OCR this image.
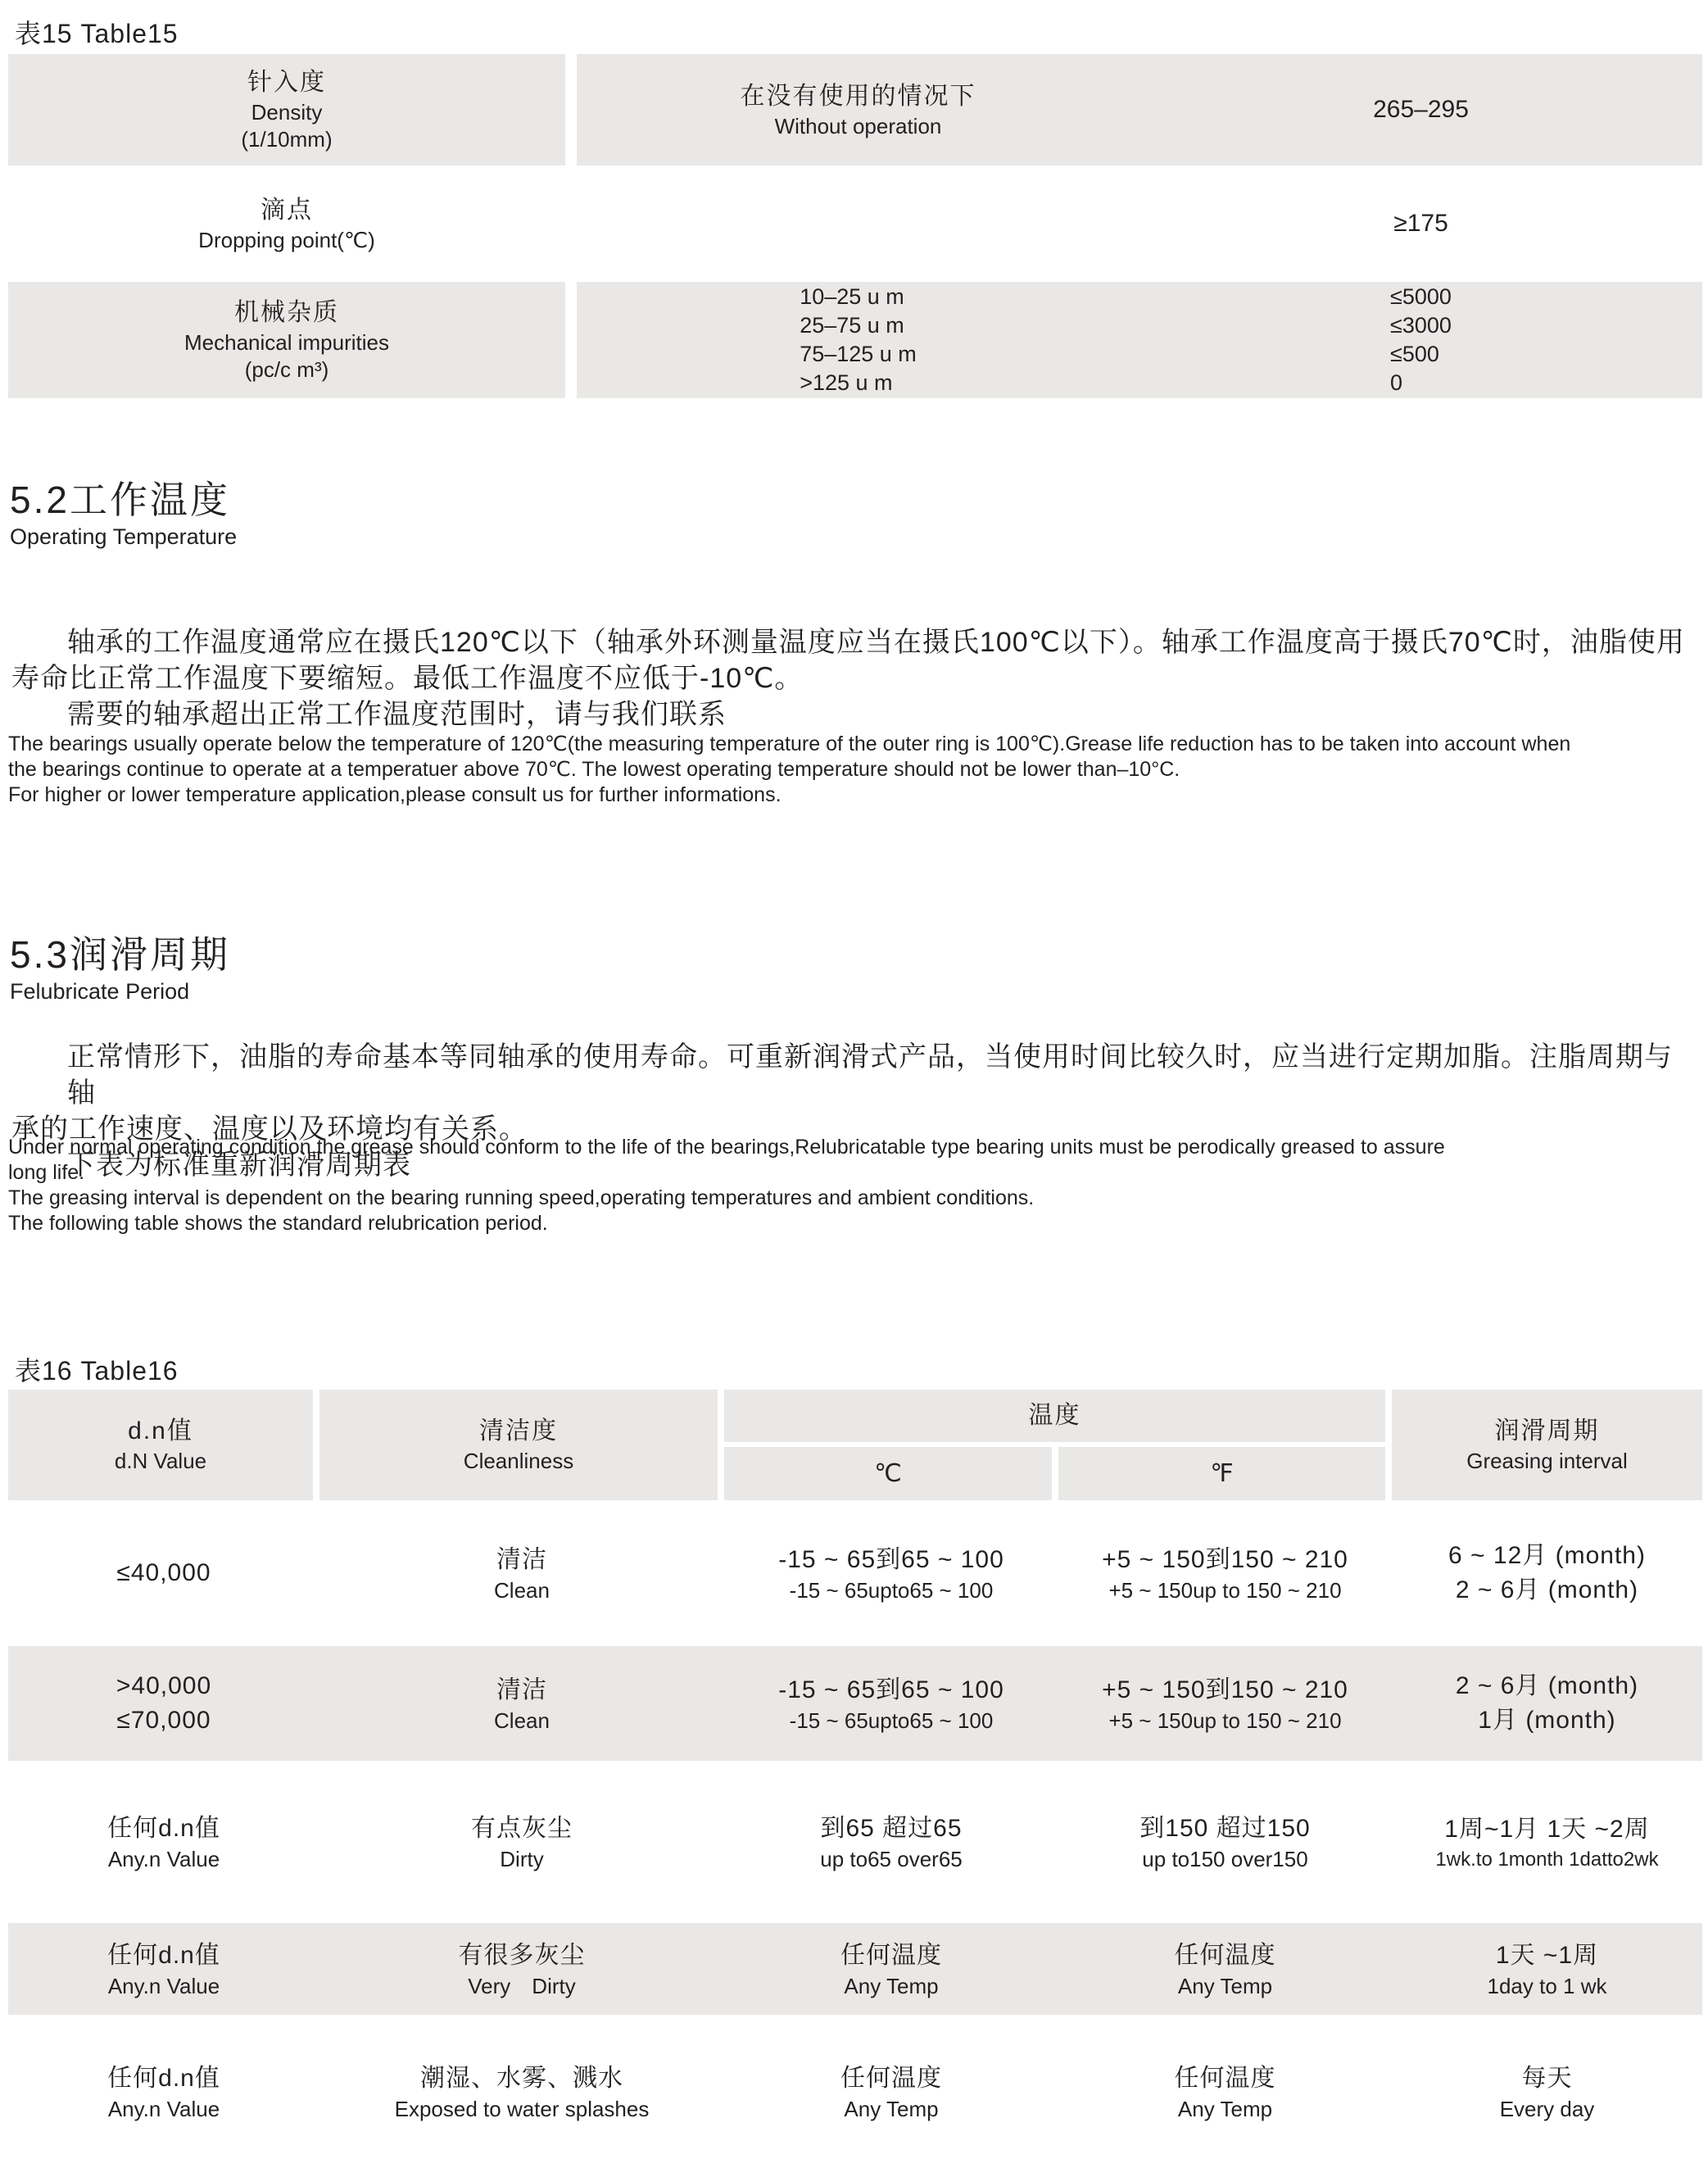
表15 Table15
针入度
Density
(1/10mm)
在没有使用的情况下
Without operation
265–295
滴点
Dropping point(℃)
≥175
机械杂质
Mechanical impurities
(pc/c m³)
10–25 u m
25–75 u m
75–125 u m
>125 u m
≤5000
≤3000
≤500
0
5.2工作温度
Operating Temperature
轴承的工作温度通常应在摄氏120℃以下（轴承外环测量温度应当在摄氏100℃以下）。轴承工作温度高于摄氏70℃时，油脂使用
寿命比正常工作温度下要缩短。最低工作温度不应低于-10℃。
需要的轴承超出正常工作温度范围时，请与我们联系
The bearings usually operate below the temperature of 120℃(the measuring temperature of the outer ring is 100℃).Grease life reduction has to be taken into account when
the bearings continue to operate at a temperatuer above 70℃. The lowest operating temperature should not be lower than–10°C.
For higher or lower temperature application,please consult us for further informations.
5.3润滑周期
Felubricate Period
正常情形下，油脂的寿命基本等同轴承的使用寿命。可重新润滑式产品，当使用时间比较久时，应当进行定期加脂。注脂周期与轴
承的工作速度、温度以及环境均有关系。
下表为标准重新润滑周期表
Under normal operating condition,the grease should conform to the life of the bearings,Relubricatable type bearing units must be perodically greased to assure
long life.
The greasing interval is dependent on the bearing running speed,operating temperatures and ambient conditions.
The following table shows the standard relubrication period.
表16 Table16
d.n值
d.N Value
清洁度
Cleanliness
温度
℃	℉
润滑周期
Greasing interval
≤40,000	清洁
Clean
-15 ~ 65到65 ~ 100
-15 ~ 65upto65 ~ 100
+5 ~ 150到150 ~ 210
+5 ~ 150up to 150 ~ 210
6 ~ 12月 (month)
2 ~ 6月 (month)
>40,000
≤70,000
清洁
Clean
-15 ~ 65到65 ~ 100
-15 ~ 65upto65 ~ 100
+5 ~ 150到150 ~ 210
+5 ~ 150up to 150 ~ 210
2 ~ 6月 (month)
1月 (month)
任何d.n值
Any.n Value
有点灰尘
Dirty
到65 超过65
up to65 over65
到150 超过150
up to150 over150
1周~1月 1天 ~2周
1wk.to 1month 1datto2wk
任何d.n值
Any.n Value
有很多灰尘
Very　Dirty
任何温度
Any Temp
任何温度
Any Temp
1天 ~1周
1day to 1 wk
任何d.n值
Any.n Value
潮湿、水雾、溅水
Exposed to water splashes
任何温度
Any Temp
任何温度
Any Temp
每天
Every day
